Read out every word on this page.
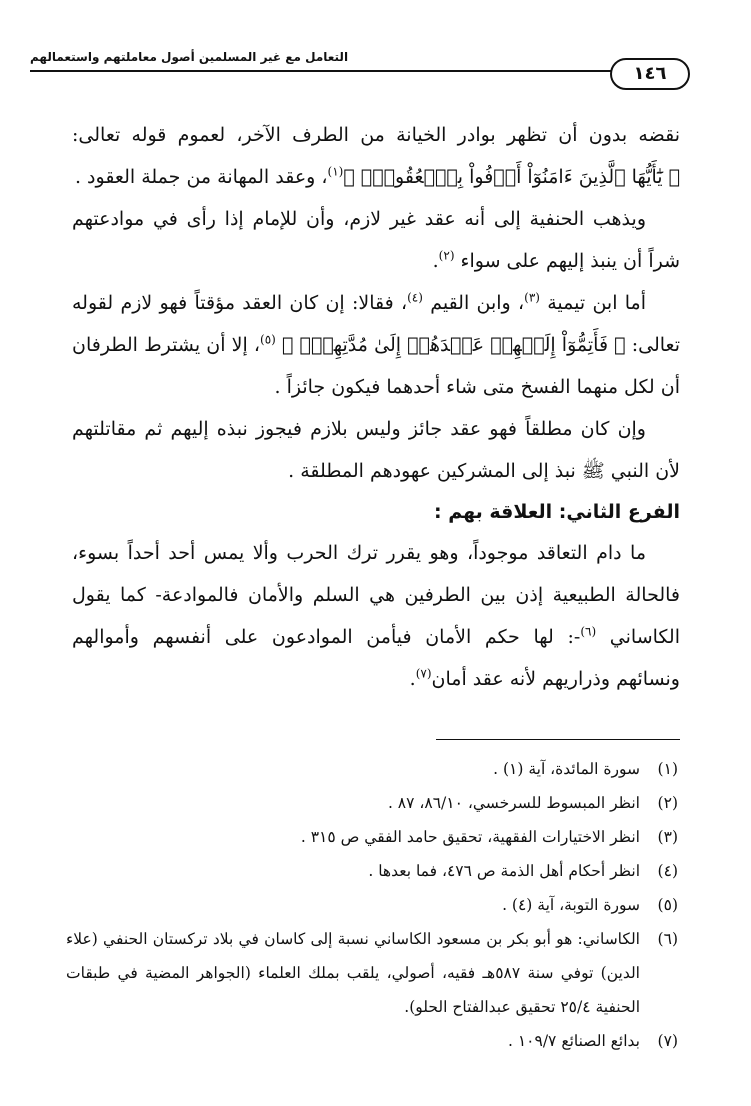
التعامل مع غير المسلمين أصول معاملتهم واستعمالهم
١٤٦

نقضه بدون أن تظهر بوادر الخيانة من الطرف الآخر، لعموم قوله تعالى: ﴿ يَٰٓأَيُّهَا ٱلَّذِينَ ءَامَنُوٓاْ أَوۡفُواْ بِٱلۡعُقُودِۚ ﴾$^{(١)}$، وعقد المهانة من جملة العقود .

ويذهب الحنفية إلى أنه عقد غير لازم، وأن للإمام إذا رأى في موادعتهم شراً أن ينبذ إليهم على سواء $^{(٢)}$.

أما ابن تيمية $^{(٣)}$، وابن القيم $^{(٤)}$، فقالا: إن كان العقد مؤقتاً فهو لازم لقوله تعالى: ﴿ فَأَتِمُّوٓاْ إِلَيۡهِمۡ عَهۡدَهُمۡ إِلَىٰ مُدَّتِهِمۡۚ ﴾ $^{(٥)}$، إلا أن يشترط الطرفان أن لكل منهما الفسخ متى شاء أحدهما فيكون جائزاً .

وإن كان مطلقاً فهو عقد جائز وليس بلازم فيجوز نبذه إليهم ثم مقاتلتهم لأن النبي ﷺ نبذ إلى المشركين عهودهم المطلقة .

الفرع الثاني: العلاقة بهم :

ما دام التعاقد موجوداً، وهو يقرر ترك الحرب وألا يمس أحد أحداً بسوء، فالحالة الطبيعية إذن بين الطرفين هي السلم والأمان فالموادعة- كما يقول الكاساني $^{(٦)}$-: لها حكم الأمان فيأمن الموادعون على أنفسهم وأموالهم ونسائهم وذراريهم لأنه عقد أمان$^{(٧)}$.

(١)
سورة المائدة، آية (١) .
(٢)
انظر المبسوط للسرخسي، ٨٦/١٠، ٨٧ .
(٣)
انظر الاختيارات الفقهية، تحقيق حامد الفقي ص ٣١٥ .
(٤)
انظر أحكام أهل الذمة ص ٤٧٦، فما بعدها .
(٥)
سورة التوبة، آية (٤) .
(٦)
الكاساني: هو أبو بكر بن مسعود الكاساني نسبة إلى كاسان في بلاد تركستان الحنفي (علاء الدين) توفي سنة ٥٨٧هـ فقيه، أصولي، يلقب بملك العلماء (الجواهر المضية في طبقات الحنفية ٢٥/٤ تحقيق عبدالفتاح الحلو).
(٧)
بدائع الصنائع ١٠٩/٧ .
